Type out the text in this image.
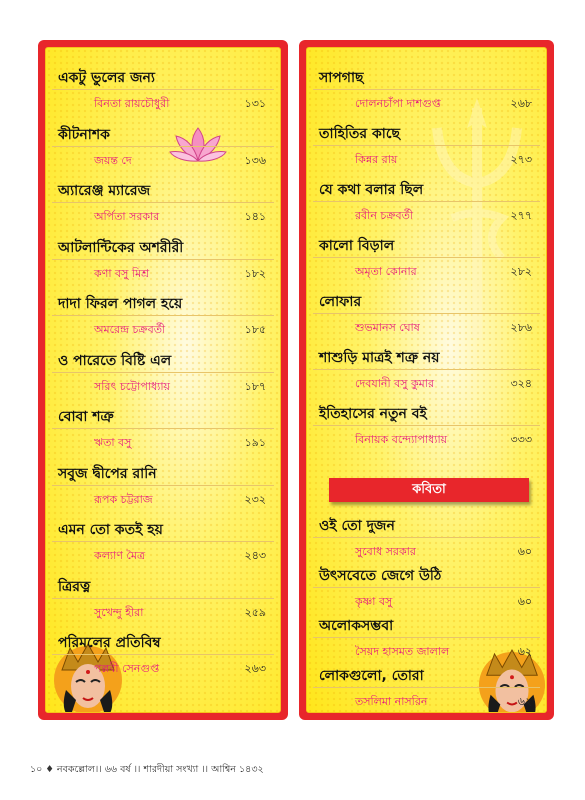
একটু ভুলের জন্য
বিনতা রায়চৌধুরী	১৩১
কীটনাশক
জয়ন্ত দে	১৩৬
অ্যারেঞ্জ ম্যারেজ
অর্পিতা সরকার	১৪১
আটলান্টিকের অশরীরী
কণা বসু মিশ্র	১৮২
দাদা ফিরল পাগল হয়ে
অমরেন্দ্র চক্রবর্তী	১৮৫
ও পারেতে বিষ্টি এল
সরিৎ চট্টোপাধ্যায়	১৮৭
বোবা শত্রু
ঋতা বসু	১৯১
সবুজ দ্বীপের রানি
রূপক চট্টরাজ	২৩২
এমন তো কতই হয়
কল্যাণ মৈত্র	২৪৩
ত্রিরত্ন
সুখেন্দু হীরা	২৫৯
পরিমলের প্রতিবিম্ব
পল্লবী সেনগুপ্ত	২৬৩
সাপগাছ
দোলনচাঁপা দাশগুপ্ত	২৬৮
তাহিতির কাছে
কিন্নর রায়	২৭৩
যে কথা বলার ছিল
রবীন চক্রবর্তী	২৭৭
কালো বিড়াল
অমৃতা কোনার	২৮২
লোফার
শুভমানস ঘোষ	২৮৬
শাশুড়ি মাত্রই শত্রু নয়
দেবযানী বসু কুমার	৩২৪
ইতিহাসের নতুন বই
বিনায়ক বন্দ্যোপাধ্যায়	৩৩৩
কবিতা
ওই তো দুজন
সুবোধ সরকার	৬০
উৎসবেতে জেগে উঠি
কৃষ্ণা বসু	৬০
অলোকসম্ভবা
সৈয়দ হাসমত জালাল	৬২
লোকগুলো, তোরা
তসলিমা নাসরিন	৬২
১০ ♦ নবকল্লোল।। ৬৬ বর্ষ ।। শারদীয়া সংখ্যা ।। আশ্বিন ১৪৩২
